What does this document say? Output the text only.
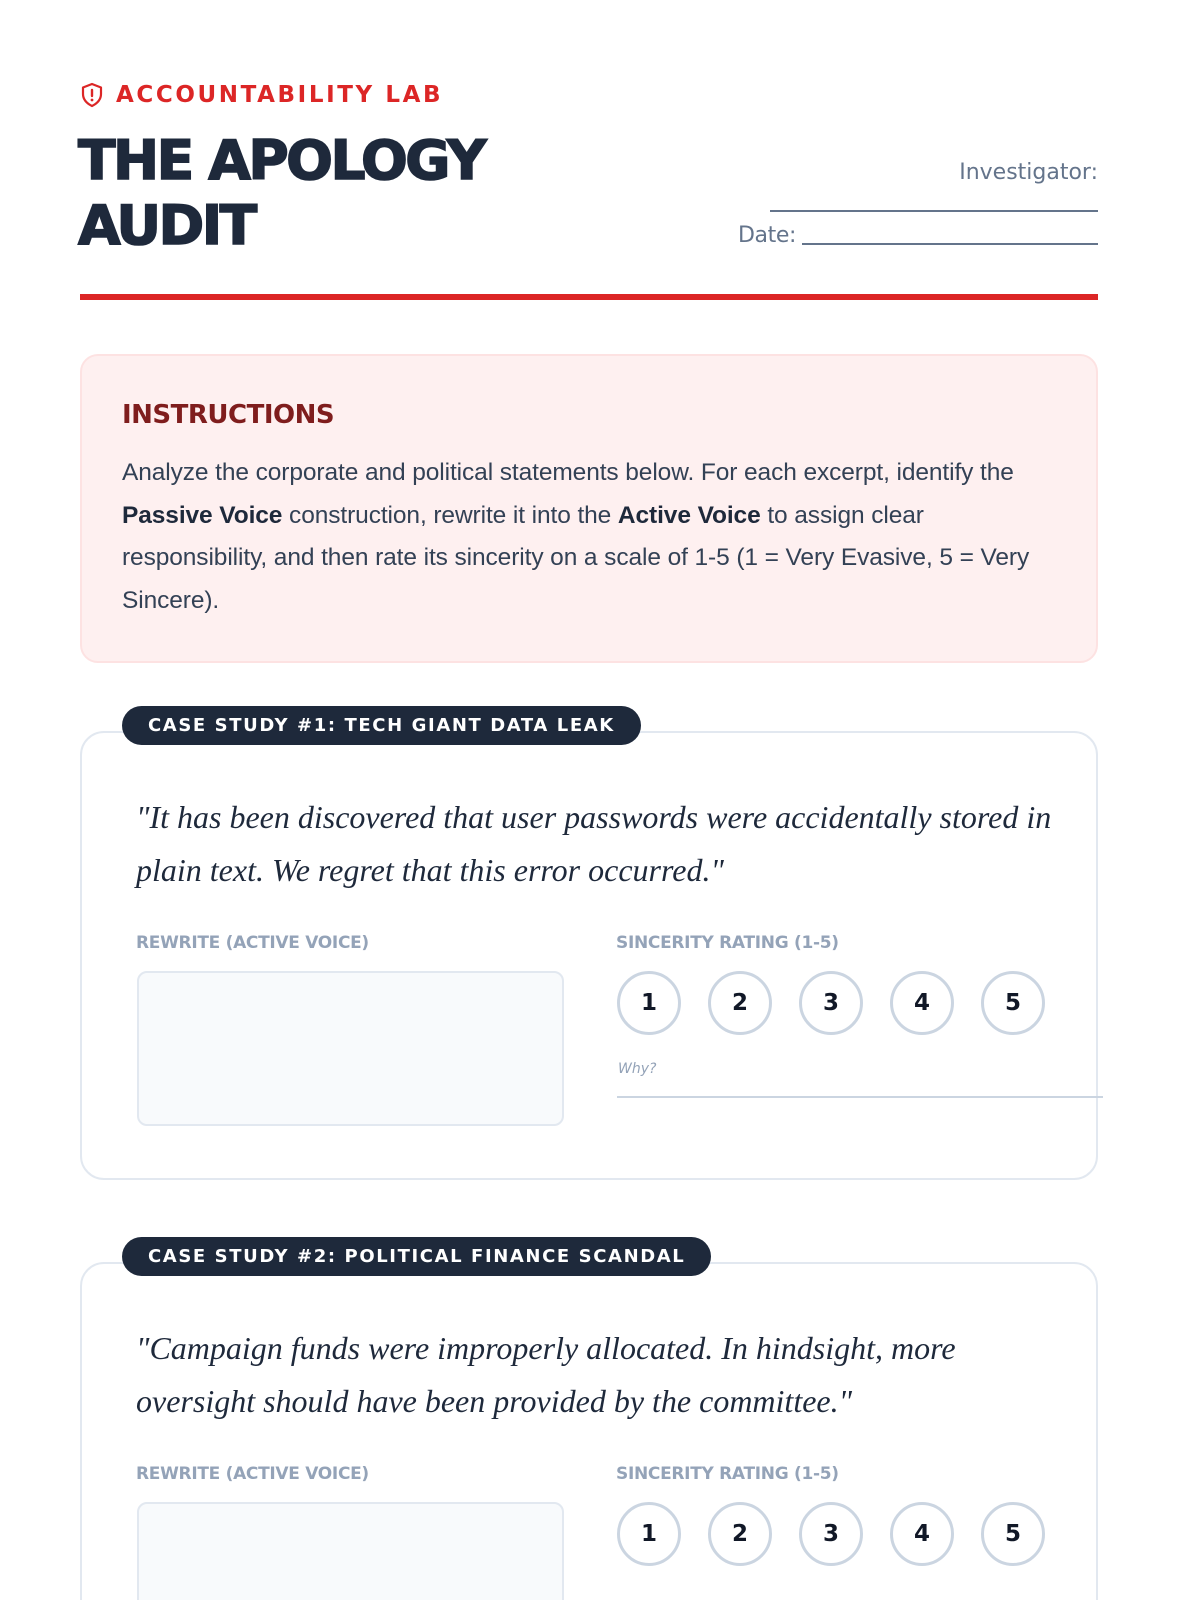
ACCOUNTABILITY LAB
THE APOLOGY
AUDIT
Investigator:
Date:
INSTRUCTIONS

Analyze the corporate and political statements below. For each excerpt, identify the Passive Voice construction, rewrite it into the Active Voice to assign clear responsibility, and then rate its sincerity on a scale of 1-5 (1 = Very Evasive, 5 = Very Sincere).

CASE STUDY #1: TECH GIANT DATA LEAK
"It has been discovered that user passwords were accidentally stored in plain text. We regret that this error occurred."
REWRITE (ACTIVE VOICE)	SINCERITY RATING (1-5)
1	2	3	4	5
Why?
CASE STUDY #2: POLITICAL FINANCE SCANDAL
"Campaign funds were improperly allocated. In hindsight, more oversight should have been provided by the committee."
REWRITE (ACTIVE VOICE)	SINCERITY RATING (1-5)
1	2	3	4	5
